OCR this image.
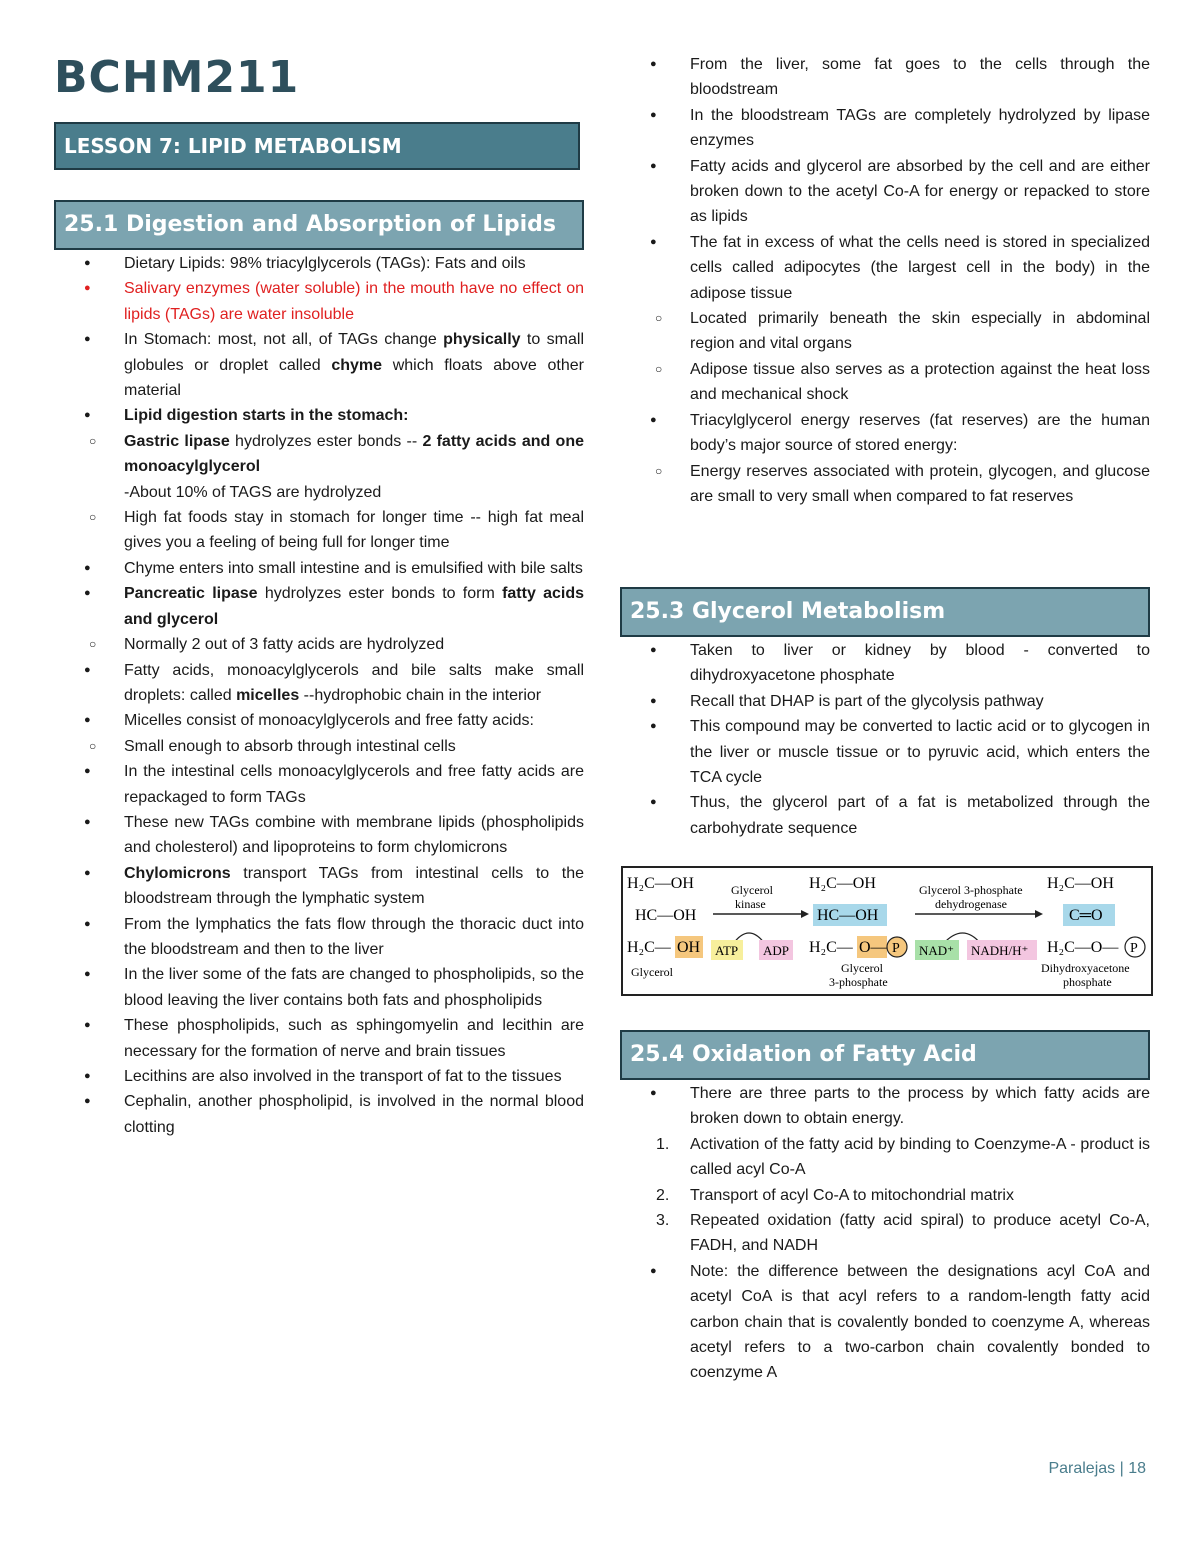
BCHM211
LESSON 7: LIPID METABOLISM
25.1 Digestion and Absorption of Lipids
● Dietary Lipids: 98% triacylglycerols (TAGs): Fats and oils
● Salivary enzymes (water soluble) in the mouth have no effect on lipids (TAGs) are water insoluble
● In Stomach: most, not all, of TAGs change physically to small globules or droplet called chyme which floats above other material
● Lipid digestion starts in the stomach:
○ Gastric lipase hydrolyzes ester bonds -- 2 fatty acids and one monoacylglycerol
-About 10% of TAGS are hydrolyzed
○ High fat foods stay in stomach for longer time -- high fat meal gives you a feeling of being full for longer time
● Chyme enters into small intestine and is emulsified with bile salts
● Pancreatic lipase hydrolyzes ester bonds to form fatty acids and glycerol
○ Normally 2 out of 3 fatty acids are hydrolyzed
● Fatty acids, monoacylglycerols and bile salts make small droplets: called micelles --hydrophobic chain in the interior
● Micelles consist of monoacylglycerols and free fatty acids:
○ Small enough to absorb through intestinal cells
● In the intestinal cells monoacylglycerols and free fatty acids are repackaged to form TAGs
● These new TAGs combine with membrane lipids (phospholipids and cholesterol) and lipoproteins to form chylomicrons
● Chylomicrons transport TAGs from intestinal cells to the bloodstream through the lymphatic system
● From the lymphatics the fats flow through the thoracic duct into the bloodstream and then to the liver
● In the liver some of the fats are changed to phospholipids, so the blood leaving the liver contains both fats and phospholipids
● These phospholipids, such as sphingomyelin and lecithin are necessary for the formation of nerve and brain tissues
● Lecithins are also involved in the transport of fat to the tissues
● Cephalin, another phospholipid, is involved in the normal blood clotting
● From the liver, some fat goes to the cells through the bloodstream
● In the bloodstream TAGs are completely hydrolyzed by lipase enzymes
● Fatty acids and glycerol are absorbed by the cell and are either broken down to the acetyl Co-A for energy or repacked to store as lipids
● The fat in excess of what the cells need is stored in specialized cells called adipocytes (the largest cell in the body) in the adipose tissue
○ Located primarily beneath the skin especially in abdominal region and vital organs
○ Adipose tissue also serves as a protection against the heat loss and mechanical shock
● Triacylglycerol energy reserves (fat reserves) are the human body’s major source of stored energy:
○ Energy reserves associated with protein, glycogen, and glucose are small to very small when compared to fat reserves
25.3 Glycerol Metabolism
● Taken to liver or kidney by blood - converted to dihydroxyacetone phosphate
● Recall that DHAP is part of the glycolysis pathway
● This compound may be converted to lactic acid or to glycogen in the liver or muscle tissue or to pyruvic acid, which enters the TCA cycle
● Thus, the glycerol part of a fat is metabolized through the carbohydrate sequence
H₂C—OH
HC—OH
H₂C— OH
Glycerol
Glycerol
kinase
ATP ADP
H₂C—OH
HC—OH
H₂C— O— P
Glycerol
3-phosphate
Glycerol 3-phosphate
dehydrogenase
NAD⁺ NADH/H⁺
H₂C—OH
C═O
H₂C—O— P
Dihydroxyacetone
phosphate
25.4 Oxidation of Fatty Acid
● There are three parts to the process by which fatty acids are broken down to obtain energy.
1. Activation of the fatty acid by binding to Coenzyme-A - product is called acyl Co-A
2. Transport of acyl Co-A to mitochondrial matrix
3. Repeated oxidation (fatty acid spiral) to produce acetyl Co-A, FADH, and NADH
● Note: the difference between the designations acyl CoA and acetyl CoA is that acyl refers to a random-length fatty acid carbon chain that is covalently bonded to coenzyme A, whereas acetyl refers to a two-carbon chain covalently bonded to coenzyme A
Paralejas | 18
